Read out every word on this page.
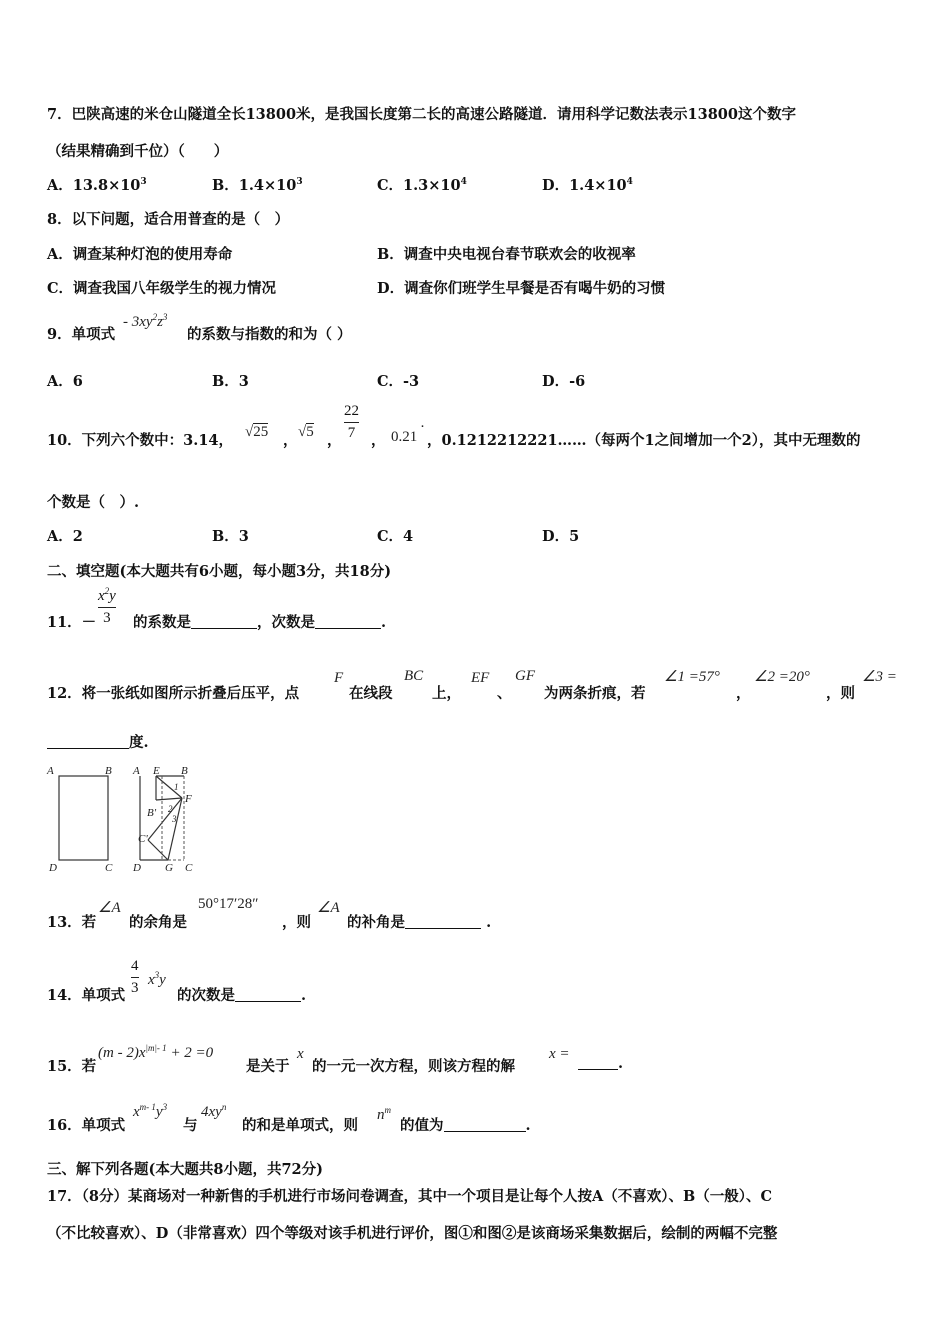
7．巴陕高速的米仓山隧道全长13800米，是我国长度第二长的高速公路隧道．请用科学记数法表示13800这个数字
（结果精确到千位）（　　）
A．$13.8\times 10^3$	B．$1.4\times 10^3$	C．$1.3\times 10^4$	D．$1.4\times 10^4$
8．以下问题，适合用普查的是（　）
A．调查某种灯泡的使用寿命	B．调查中央电视台春节联欢会的收视率
C．调查我国八年级学生的视力情况	D．调查你们班学生早餐是否有喝牛奶的习惯
9．单项式
- $3xy^2z^3$
的系数与指数的和为（ ）
A．6	B．3	C．-3	D．-6
10．下列六个数中：3.14， √25 ， √5 ，
22
7 ， 0.21
·
，0.1212212221……（每两个1之间增加一个2），其中无理数的
个数是（　）.
A．2	B．3	C．4	D．5
二、填空题(本大题共有6小题，每小题3分，共18分)
11．－
$x^2y$
3 的系数是	，次数是	.
12．将一张纸如图所示折叠后压平，点
F
在线段
BC
上，
EF
、
GF
为两条折痕，若
∠1 =57°
，
∠2 =20°
，则
∠3 =
度.
A	B
D	C
A E B
F
B'
C'
D G C
1
2
3
13．若
∠A
的余角是
50°17′28″
，则
∠A
的补角是	.
14．单项式
4
3 $x^3y$
的次数是	.
15．若
$(m - 2)x^{|m|- 1} + 2 =0$
是关于
x
的一元一次方程，则该方程的解
x =
.
16．单项式
$x^{m- 1}y^3$
与
$4xy^n$
的和是单项式，则
$n^m$
的值为	.
三、解下列各题(本大题共8小题，共72分)
17．（8分）某商场对一种新售的手机进行市场问卷调查，其中一个项目是让每个人按A（不喜欢）、B（一般）、C
（不比较喜欢）、D（非常喜欢）四个等级对该手机进行评价，图①和图②是该商场采集数据后，绘制的两幅不完整
